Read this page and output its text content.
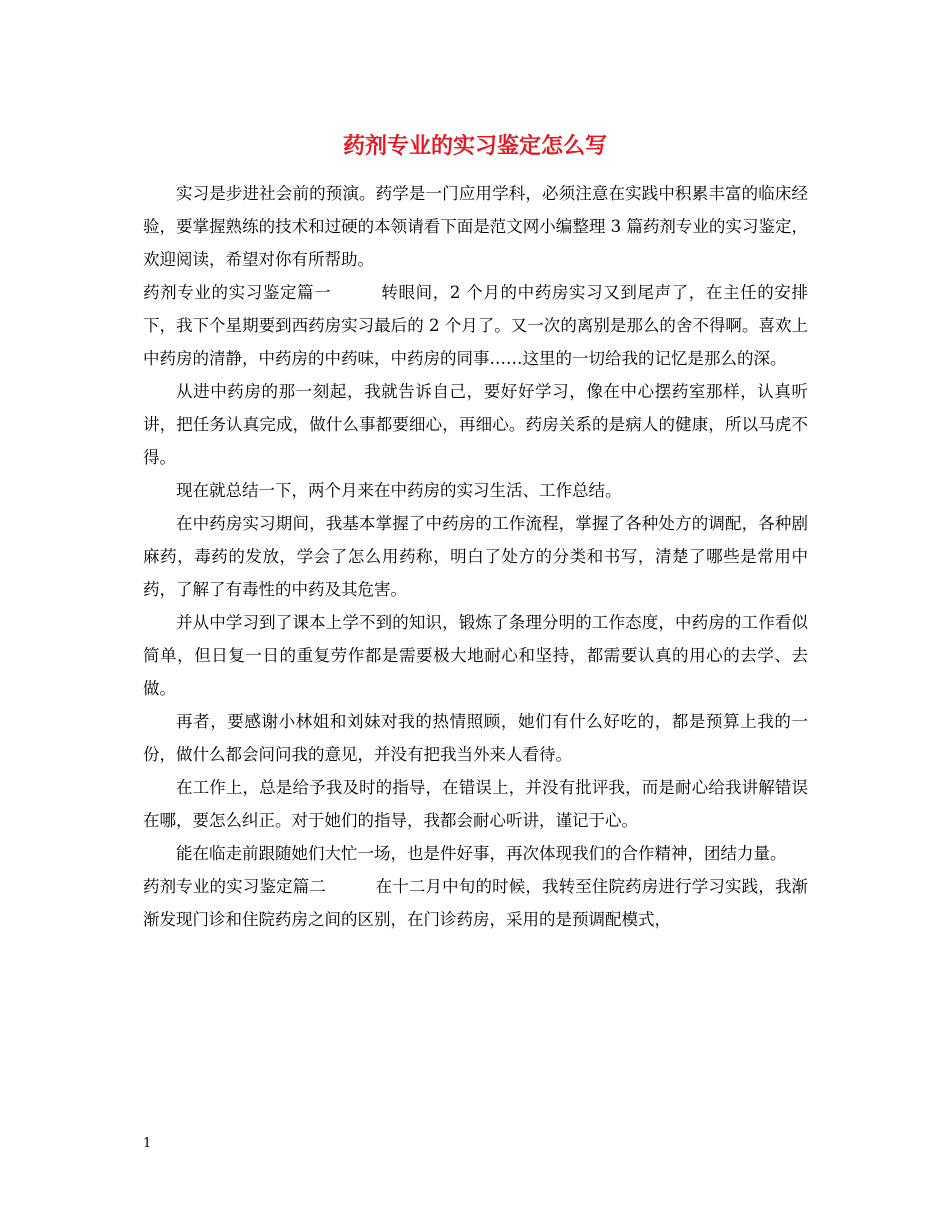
药剂专业的实习鉴定怎么写

实习是步进社会前的预演。药学是一门应用学科，必须注意在实践中积累丰富的临床经验，要掌握熟练的技术和过硬的本领请看下面是范文网小编整理 3 篇药剂专业的实习鉴定，欢迎阅读，希望对你有所帮助。

药剂专业的实习鉴定篇一	转眼间，2 个月的中药房实习又到尾声了，在主任的安排下，我下个星期要到西药房实习最后的 2 个月了。又一次的离别是那么的舍不得啊。喜欢上中药房的清静，中药房的中药味，中药房的同事……这里的一切给我的记忆是那么的深。

从进中药房的那一刻起，我就告诉自己，要好好学习，像在中心摆药室那样，认真听讲，把任务认真完成，做什么事都要细心，再细心。药房关系的是病人的健康，所以马虎不得。

现在就总结一下，两个月来在中药房的实习生活、工作总结。

在中药房实习期间，我基本掌握了中药房的工作流程，掌握了各种处方的调配，各种剧麻药，毒药的发放，学会了怎么用药称，明白了处方的分类和书写，清楚了哪些是常用中药，了解了有毒性的中药及其危害。

并从中学习到了课本上学不到的知识，锻炼了条理分明的工作态度，中药房的工作看似简单，但日复一日的重复劳作都是需要极大地耐心和坚持，都需要认真的用心的去学、去做。

再者，要感谢小林姐和刘妹对我的热情照顾，她们有什么好吃的，都是预算上我的一份，做什么都会问问我的意见，并没有把我当外来人看待。

在工作上，总是给予我及时的指导，在错误上，并没有批评我，而是耐心给我讲解错误在哪，要怎么纠正。对于她们的指导，我都会耐心听讲，谨记于心。

能在临走前跟随她们大忙一场，也是件好事，再次体现我们的合作精神，团结力量。

药剂专业的实习鉴定篇二	在十二月中旬的时候，我转至住院药房进行学习实践，我渐渐发现门诊和住院药房之间的区别，在门诊药房，采用的是预调配模式，

1
